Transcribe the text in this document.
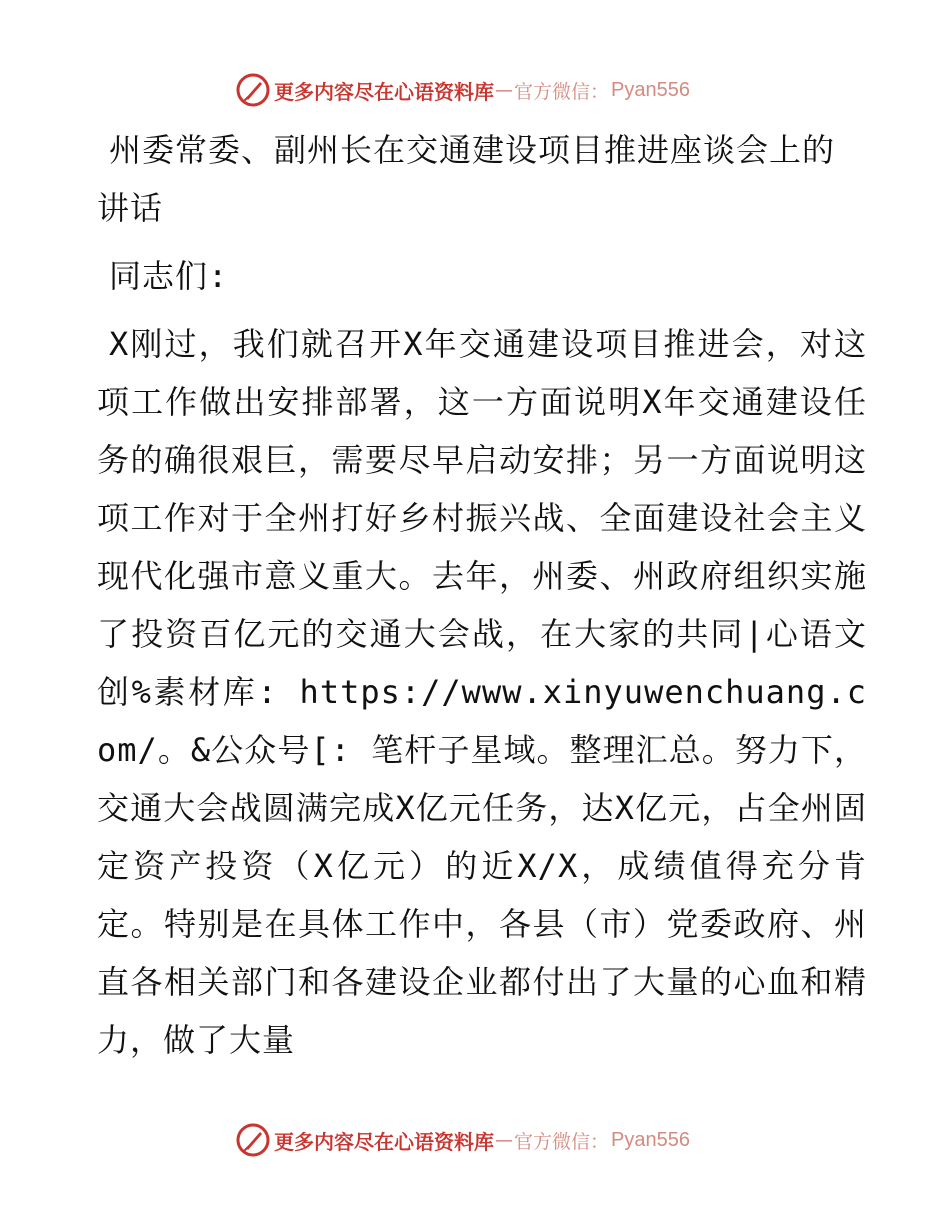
更多内容尽在心语资料库 — 官方微信： Pyan556
州委常委、副州长在交通建设项目推进座谈会上的讲话

同志们:

X刚过，我们就召开X年交通建设项目推进会，对这项工作做出安排部署，这一方面说明X年交通建设任务的确很艰巨，需要尽早启动安排；另一方面说明这项工作对于全州打好乡村振兴战、全面建设社会主义现代化强市意义重大。去年，州委、州政府组织实施了投资百亿元的交通大会战，在大家的共同|心语文创%素材库: https://www.xinyuwenchuang.com/。&公众号[: 笔杆子星域。整理汇总。努力下，交通大会战圆满完成X亿元任务，达X亿元，占全州固定资产投资（X亿元）的近X/X，成绩值得充分肯定。特别是在具体工作中，各县（市）党委政府、州直各相关部门和各建设企业都付出了大量的心血和精力，做了大量

更多内容尽在心语资料库 — 官方微信： Pyan556
